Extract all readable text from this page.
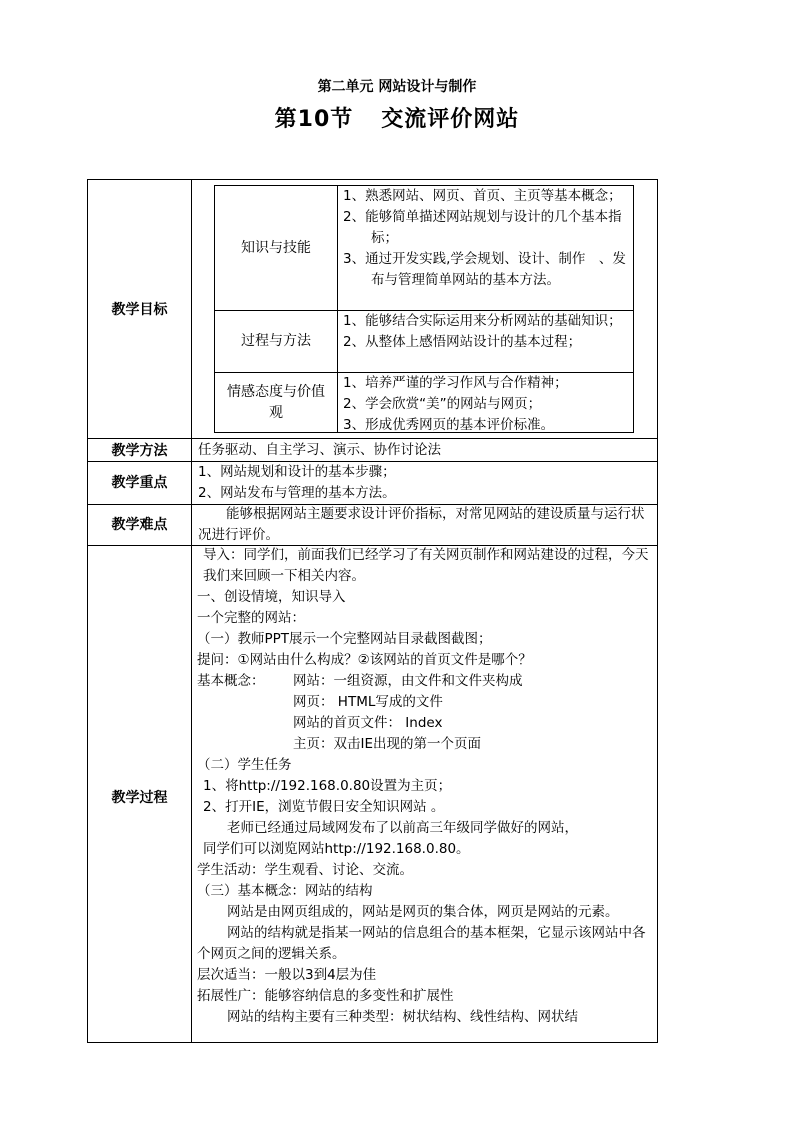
第二单元 网站设计与制作
第10节 交流评价网站
教学目标
知识与技能
1、熟悉网站、网页、首页、主页等基本概念；
2、能够简单描述网站规划与设计的几个基本指标；
3、通过开发实践,学会规划、设计、制作　、发布与管理简单网站的基本方法。
过程与方法
1、能够结合实际运用来分析网站的基础知识；
2、从整体上感悟网站设计的基本过程；
情感态度与价值观
1、培养严谨的学习作风与合作精神；
2、学会欣赏“美”的网站与网页；
3、形成优秀网页的基本评价标准。
教学方法	任务驱动、自主学习、演示、协作讨论法
教学重点
1、网站规划和设计的基本步骤；
2、网站发布与管理的基本方法。
教学难点
能够根据网站主题要求设计评价指标，对常见网站的建设质量与运行状况进行评价。
教学过程
导入：同学们，前面我们已经学习了有关网页制作和网站建设的过程，今天我们来回顾一下相关内容。
一、创设情境，知识导入
一个完整的网站：
（一）教师PPT展示一个完整网站目录截图截图；
提问：①网站由什么构成？②该网站的首页文件是哪个？
基本概念： 网站：一组资源，由文件和文件夹构成
网页： HTML写成的文件
网站的首页文件： Index
主页：双击IE出现的第一个页面
（二）学生任务
1、将http://192.168.0.80设置为主页；
2、打开IE，浏览节假日安全知识网站 。
老师已经通过局域网发布了以前高三年级同学做好的网站，
同学们可以浏览网站http://192.168.0.80。
学生活动：学生观看、讨论、交流。
（三）基本概念：网站的结构
网站是由网页组成的，网站是网页的集合体，网页是网站的元素。
网站的结构就是指某一网站的信息组合的基本框架，它显示该网站中各个网页之间的逻辑关系。
层次适当：一般以3到4层为佳
拓展性广：能够容纳信息的多变性和扩展性
网站的结构主要有三种类型：树状结构、线性结构、网状结
